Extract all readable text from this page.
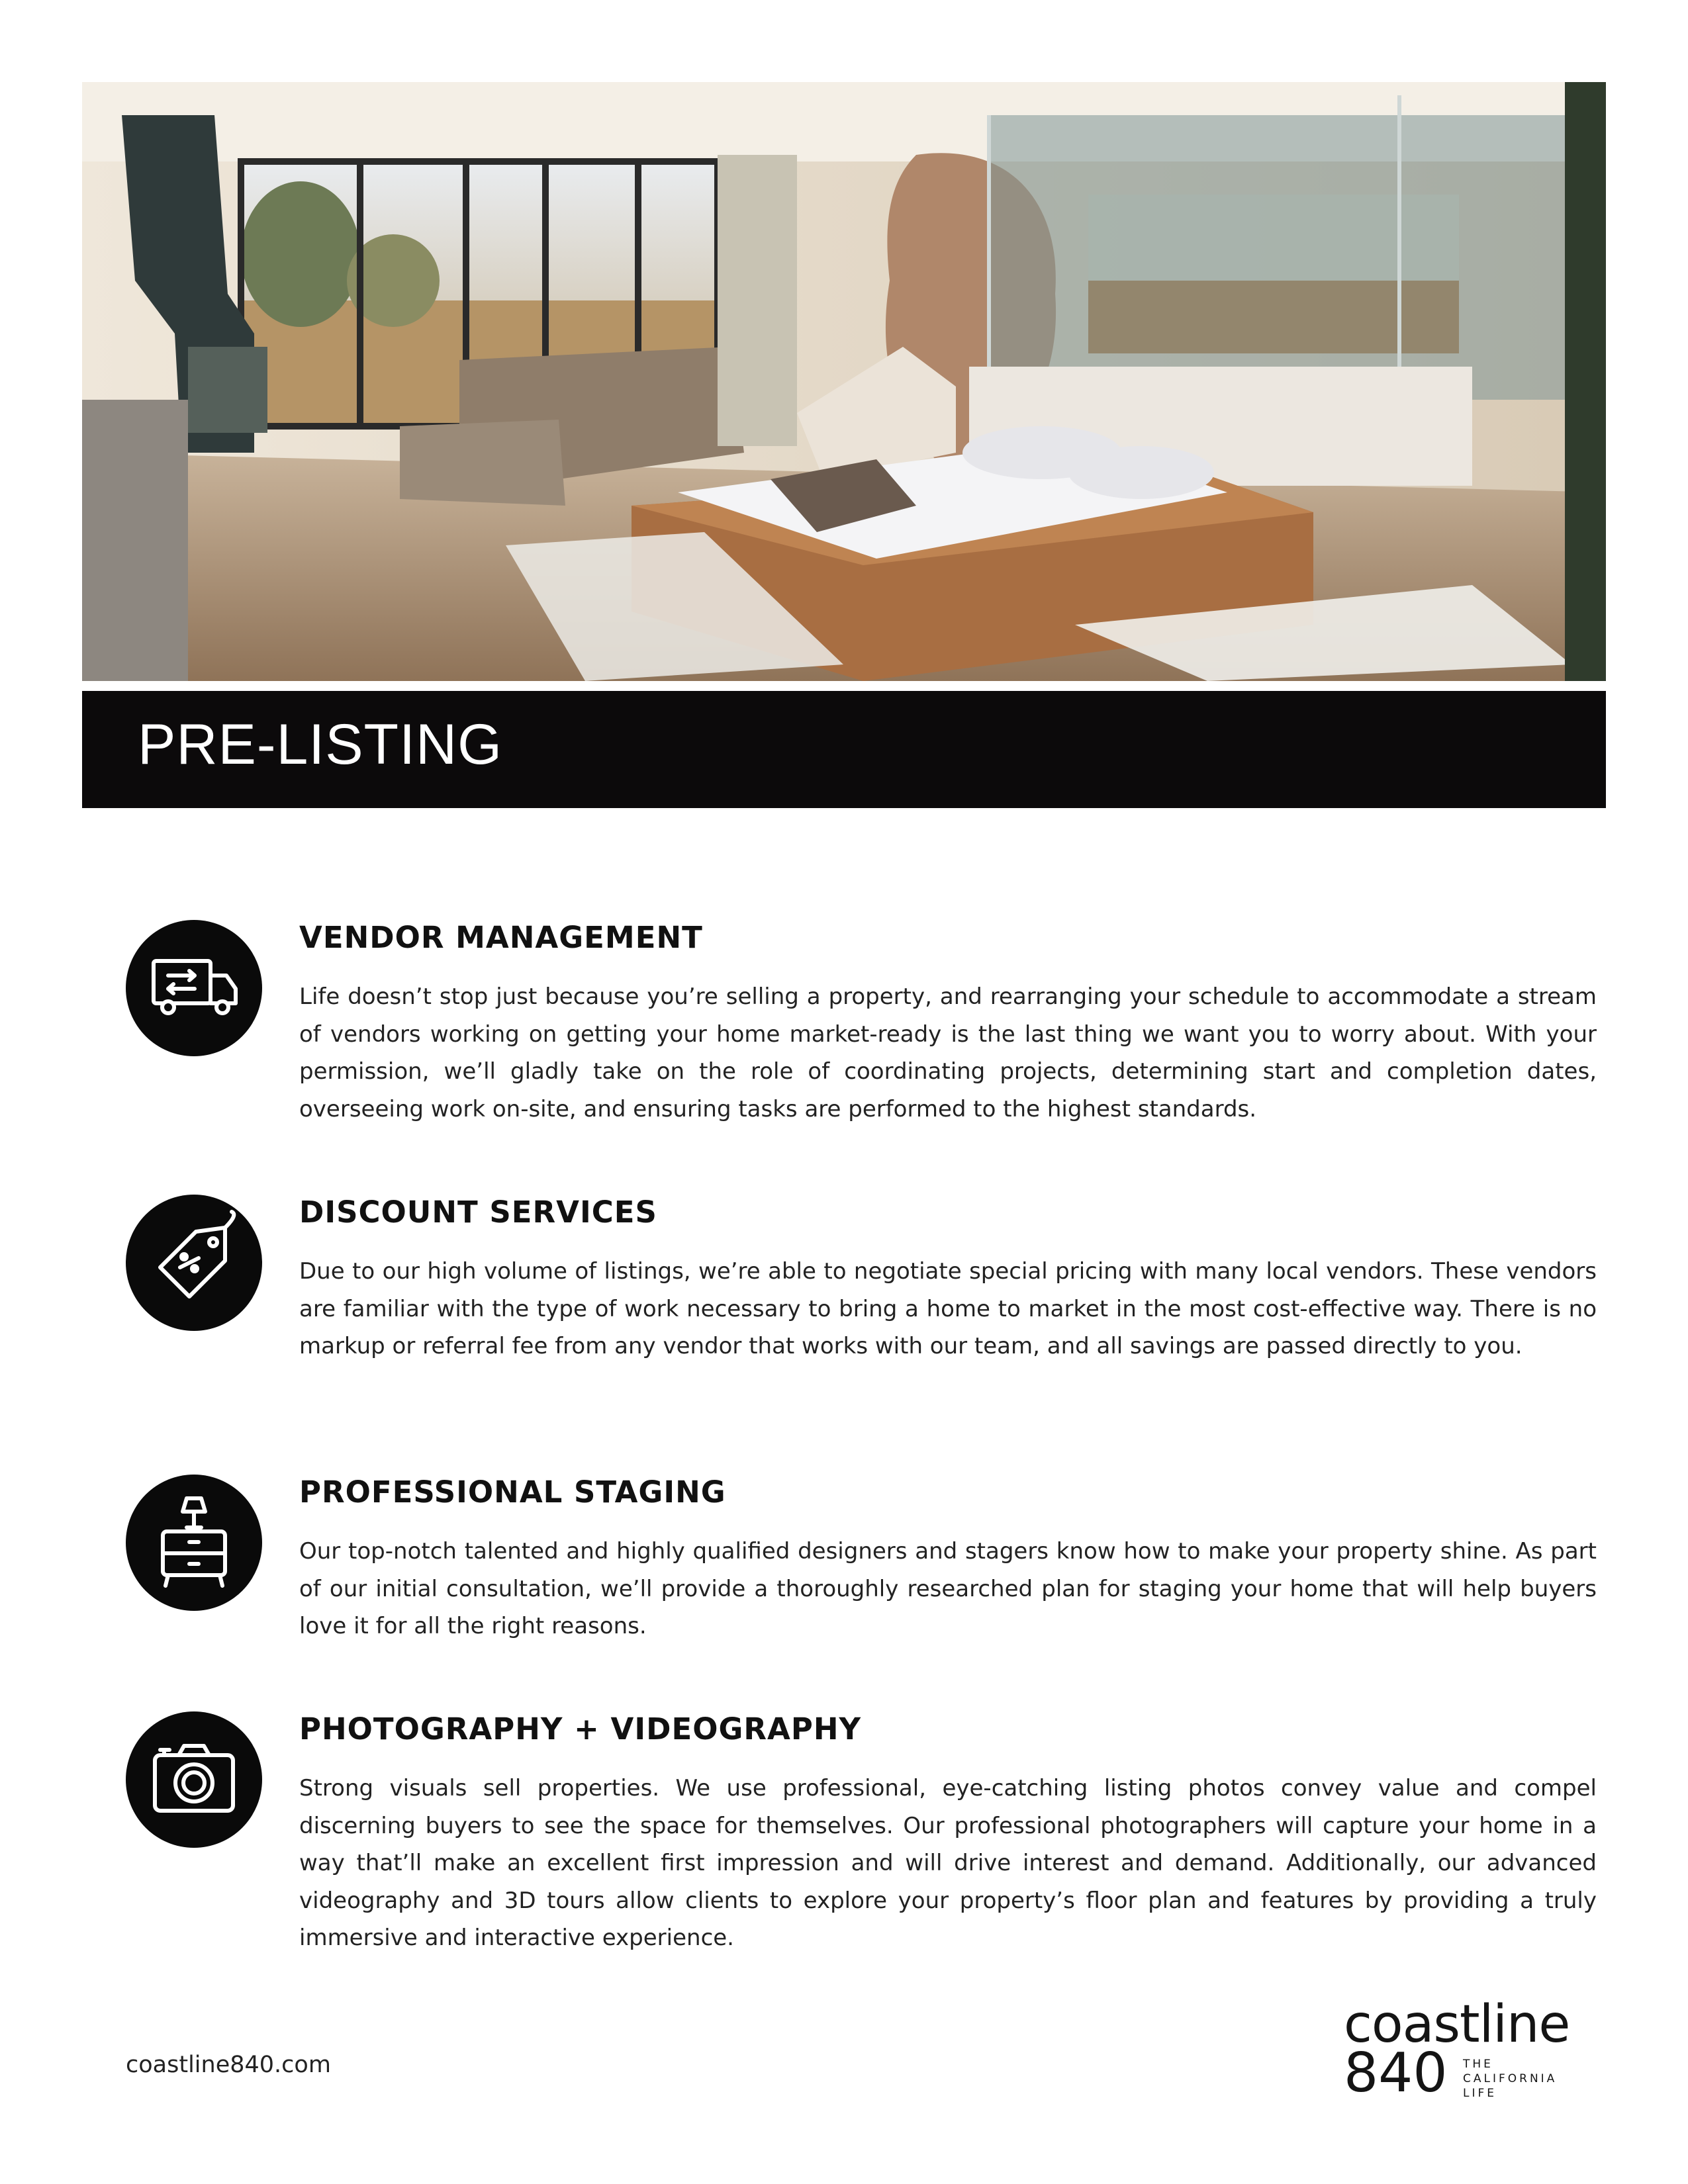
PRE-LISTING
VENDOR MANAGEMENT
Life doesn’t stop just because you’re selling a property, and rearranging your schedule to accommodate a stream of vendors working on getting your home market-ready is the last thing we want you to worry about. With your permission, we’ll gladly take on the role of coordinating projects, determining start and completion dates, overseeing work on-site, and ensuring tasks are performed to the highest standards.
DISCOUNT SERVICES
Due to our high volume of listings, we’re able to negotiate special pricing with many local vendors. These vendors are familiar with the type of work necessary to bring a home to market in the most cost-effective way. There is no markup or referral fee from any vendor that works with our team, and all savings are passed directly to you.
PROFESSIONAL STAGING
Our top-notch talented and highly qualified designers and stagers know how to make your property shine. As part of our initial consultation, we’ll provide a thoroughly researched plan for staging your home that will help buyers love it for all the right reasons.
PHOTOGRAPHY + VIDEOGRAPHY
Strong visuals sell properties. We use professional, eye-catching listing photos convey value and compel discerning buyers to see the space for themselves. Our professional photographers will capture your home in a way that’ll make an excellent first impression and will drive interest and demand. Additionally, our advanced videography and 3D tours allow clients to explore your property’s floor plan and features by providing a truly immersive and interactive experience.
coastline840.com
coastline
840 THE
CALIFORNIA
LIFE
